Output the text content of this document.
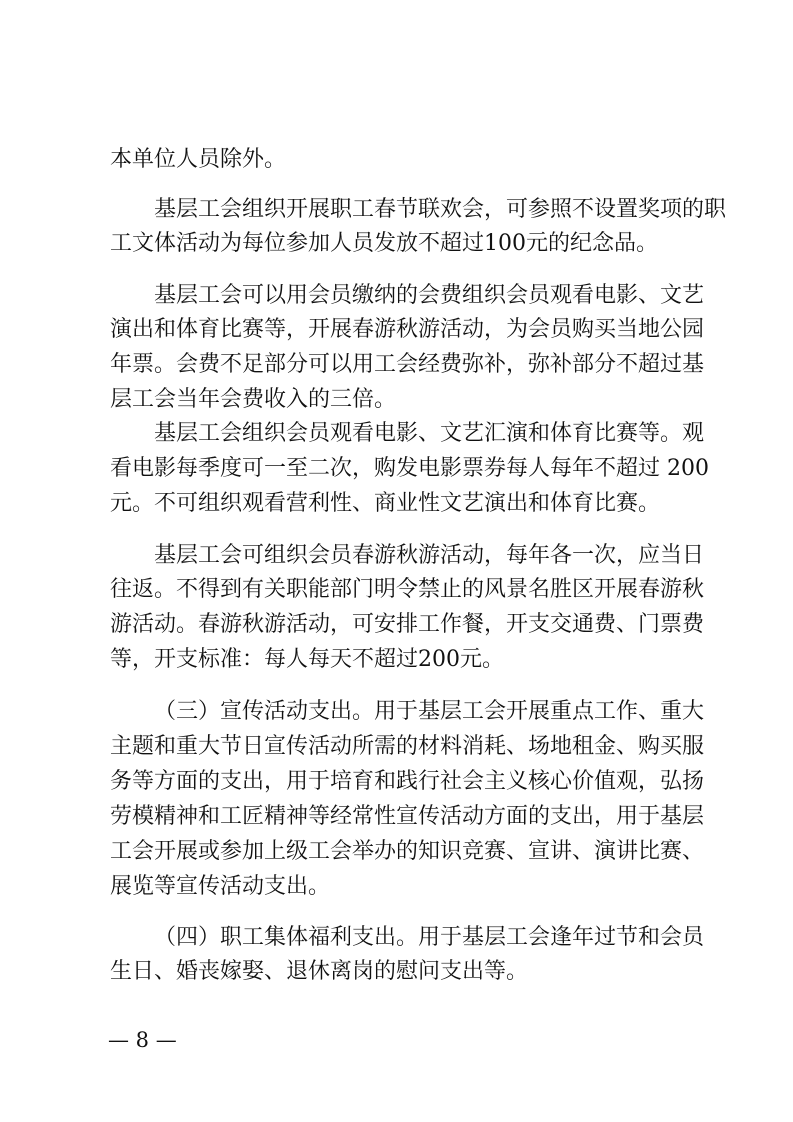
本单位人员除外。
基层工会组织开展职工春节联欢会，可参照不设置奖项的职
工文体活动为每位参加人员发放不超过100元的纪念品。
基层工会可以用会员缴纳的会费组织会员观看电影、文艺
演出和体育比赛等，开展春游秋游活动，为会员购买当地公园
年票。会费不足部分可以用工会经费弥补，弥补部分不超过基
层工会当年会费收入的三倍。
基层工会组织会员观看电影、文艺汇演和体育比赛等。观
看电影每季度可一至二次，购发电影票券每人每年不超过 200
元。不可组织观看营利性、商业性文艺演出和体育比赛。
基层工会可组织会员春游秋游活动，每年各一次，应当日
往返。不得到有关职能部门明令禁止的风景名胜区开展春游秋
游活动。春游秋游活动，可安排工作餐，开支交通费、门票费
等，开支标准：每人每天不超过200元。
（三）宣传活动支出。用于基层工会开展重点工作、重大
主题和重大节日宣传活动所需的材料消耗、场地租金、购买服
务等方面的支出，用于培育和践行社会主义核心价值观，弘扬
劳模精神和工匠精神等经常性宣传活动方面的支出，用于基层
工会开展或参加上级工会举办的知识竞赛、宣讲、演讲比赛、
展览等宣传活动支出。
（四）职工集体福利支出。用于基层工会逢年过节和会员
生日、婚丧嫁娶、退休离岗的慰问支出等。
— 8 —
